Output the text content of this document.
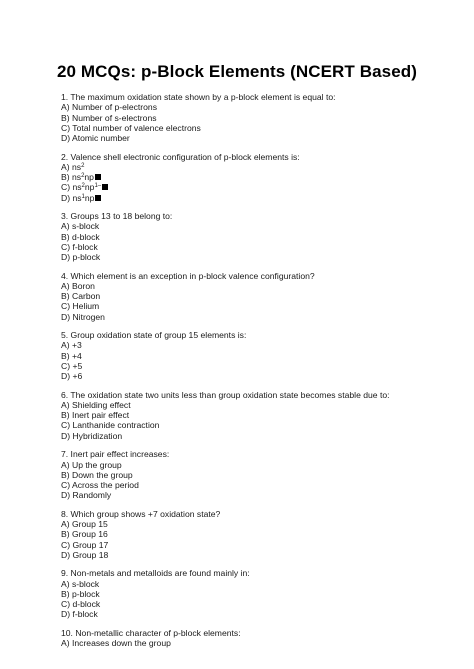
20 MCQs: p-Block Elements (NCERT Based)
1. The maximum oxidation state shown by a p-block element is equal to:
A) Number of p-electrons
B) Number of s-electrons
C) Total number of valence electrons
D) Atomic number
2. Valence shell electronic configuration of p-block elements is:
A) $ns^2$
B) $ns^2np$
C) $ns^2np^{1-}$
D) $ns^1np$
3. Groups 13 to 18 belong to:
A) s-block
B) d-block
C) f-block
D) p-block
4. Which element is an exception in p-block valence configuration?
A) Boron
B) Carbon
C) Helium
D) Nitrogen
5. Group oxidation state of group 15 elements is:
A) +3
B) +4
C) +5
D) +6
6. The oxidation state two units less than group oxidation state becomes stable due to:
A) Shielding effect
B) Inert pair effect
C) Lanthanide contraction
D) Hybridization
7. Inert pair effect increases:
A) Up the group
B) Down the group
C) Across the period
D) Randomly
8. Which group shows +7 oxidation state?
A) Group 15
B) Group 16
C) Group 17
D) Group 18
9. Non-metals and metalloids are found mainly in:
A) s-block
B) p-block
C) d-block
D) f-block
10. Non-metallic character of p-block elements:
A) Increases down the group
